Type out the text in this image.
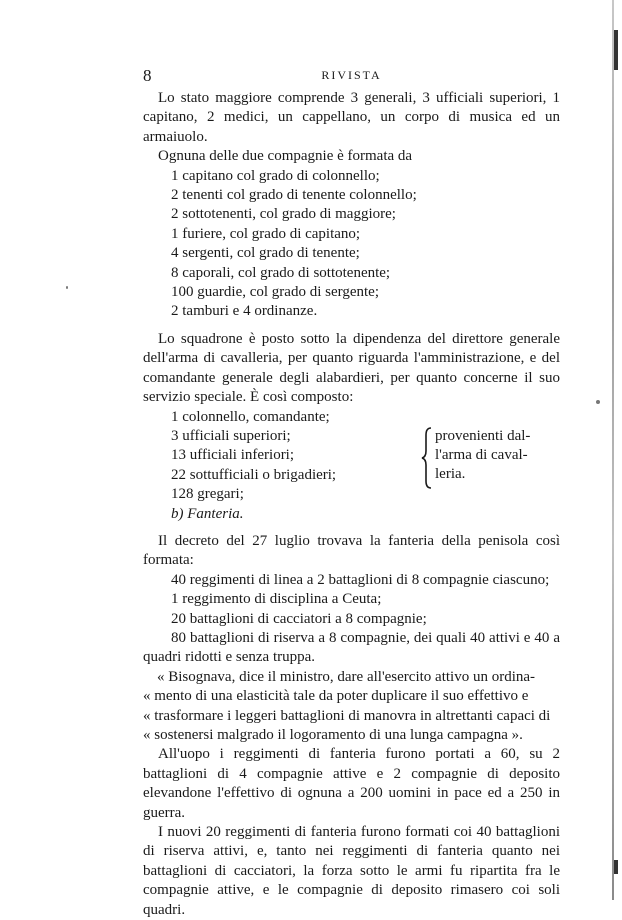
8	RIVISTA

Lo stato maggiore comprende 3 generali, 3 ufficiali superiori, 1 capitano, 2 medici, un cappellano, un corpo di musica ed un armaiuolo.

Ognuna delle due compagnie è formata da

1 capitano col grado di colonnello;

2 tenenti col grado di tenente colonnello;

2 sottotenenti, col grado di maggiore;

1 furiere, col grado di capitano;

4 sergenti, col grado di tenente;

8 caporali, col grado di sottotenente;

100 guardie, col grado di sergente;

2 tamburi e 4 ordinanze.

Lo squadrone è posto sotto la dipendenza del direttore generale dell'arma di cavalleria, per quanto riguarda l'amministrazione, e del comandante generale degli alabardieri, per quanto concerne il suo servizio speciale. È così composto:

1 colonnello, comandante;

3 ufficiali superiori;

13 ufficiali inferiori;

22 sottufficiali o brigadieri;

128 gregari;

provenienti dal-
l'arma di caval-
leria.

b) Fanteria.

Il decreto del 27 luglio trovava la fanteria della penisola così formata:

40 reggimenti di linea a 2 battaglioni di 8 compagnie ciascuno;

1 reggimento di disciplina a Ceuta;

20 battaglioni di cacciatori a 8 compagnie;

80 battaglioni di riserva a 8 compagnie, dei quali 40 attivi e 40 a quadri ridotti e senza truppa.

« Bisognava, dice il ministro, dare all'esercito attivo un ordina-

« mento di una elasticità tale da poter duplicare il suo effettivo e

« trasformare i leggeri battaglioni di manovra in altrettanti capaci di

« sostenersi malgrado il logoramento di una lunga campagna ».

All'uopo i reggimenti di fanteria furono portati a 60, su 2 battaglioni di 4 compagnie attive e 2 compagnie di deposito elevandone l'effettivo di ognuna a 200 uomini in pace ed a 250 in guerra.

I nuovi 20 reggimenti di fanteria furono formati coi 40 battaglioni di riserva attivi, e, tanto nei reggimenti di fanteria quanto nei battaglioni di cacciatori, la forza sotto le armi fu ripartita fra le compagnie attive, e le compagnie di deposito rimasero coi soli quadri.
